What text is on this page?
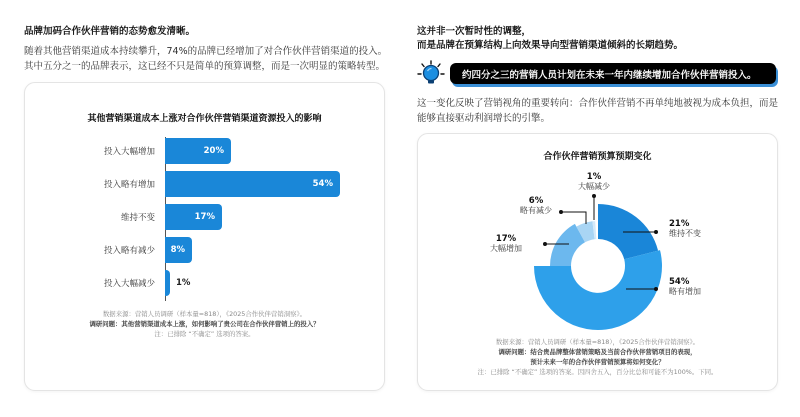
品牌加码合作伙伴营销的态势愈发清晰。
随着其他营销渠道成本持续攀升，74%的品牌已经增加了对合作伙伴营销渠道的投入。
其中五分之一的品牌表示，这已经不只是简单的预算调整，而是一次明显的策略转型。
其他营销渠道成本上涨对合作伙伴营销渠道资源投入的影响
投入大幅增加	20%
投入略有增加	54%
维持不变	17%
投入略有减少	8%
投入大幅减少	1%
数据来源：营销人员调研（样本量=818），《2025合作伙伴营销洞察》。
调研问题：其他营销渠道成本上涨，如何影响了贵公司在合作伙伴营销上的投入？
注：已排除 “不确定” 选项的答案。
这并非一次暂时性的调整，
而是品牌在预算结构上向效果导向型营销渠道倾斜的长期趋势。
约四分之三的营销人员计划在未来一年内继续增加合作伙伴营销投入。
这一变化反映了营销视角的重要转向：合作伙伴营销不再单纯地被视为成本负担，而是
能够直接驱动利润增长的引擎。
合作伙伴营销预算预期变化
21%
维持不变
54%
略有增加
17%
大幅增加
6%
略有减少
1%
大幅减少
数据来源：营销人员调研（样本量=818），《2025合作伙伴营销洞察》。
调研问题：结合贵品牌整体营销策略及当前合作伙伴营销项目的表现，
预计未来一年的合作伙伴营销预算将如何变化？
注：已排除 “不确定” 选项的答案。因四舍五入，百分比总和可能不为100%。下同。
